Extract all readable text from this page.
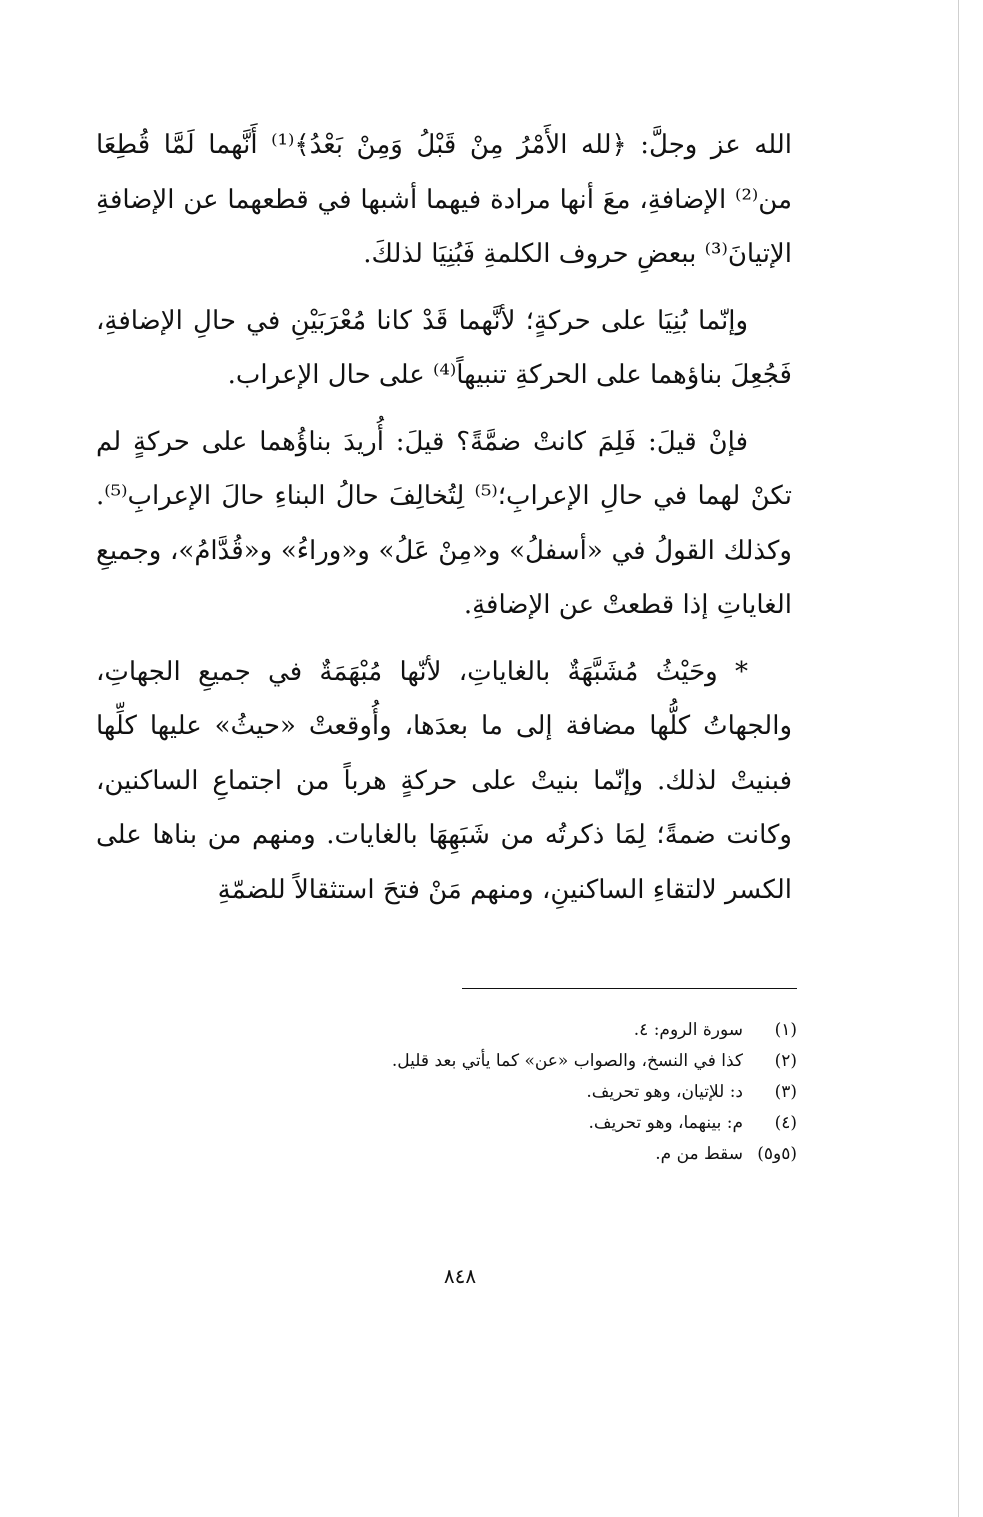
الله عز وجلَّ: ﴿لله الأَمْرُ مِنْ قَبْلُ وَمِنْ بَعْدُ﴾⁽¹⁾ أَنَّهما لَمَّا قُطِعَا من⁽²⁾ الإضافةِ، معَ أنها مرادة فيهما أشبها في قطعهما عن الإضافةِ الإتيانَ⁽³⁾ ببعضِ حروف الكلمةِ فَبُنِيَا لذلكَ.

وإنّما بُنِيَا على حركةٍ؛ لأنَّهما قَدْ كانا مُعْرَبَيْنِ في حالِ الإضافةِ، فَجُعِلَ بناؤهما على الحركةِ تنبيهاً⁽⁴⁾ على حال الإعراب.

فإنْ قيلَ: فَلِمَ كانتْ ضمَّةً؟ قيلَ: أُريدَ بناؤُهما على حركةٍ لم تكنْ لهما في حالِ الإعرابِ؛⁽⁵⁾ لِتُخالِفَ حالُ البناءِ حالَ الإعرابِ⁽⁵⁾. وكذلك القولُ في «أسفلُ» و«مِنْ عَلُ» و«وراءُ» و«قُدَّامُ»، وجميعِ الغاياتِ إذا قطعتْ عن الإضافةِ.

* وحَيْثُ مُشَبَّهَةٌ بالغاياتِ، لأنّها مُبْهَمَةٌ في جميعِ الجهاتِ، والجهاتُ كلُّها مضافة إلى ما بعدَها، وأُوقعتْ «حيثُ» عليها كلِّها فبنيتْ لذلك. وإنّما بنيتْ على حركةٍ هرباً من اجتماعِ الساكنين، وكانت ضمةً؛ لِمَا ذكرتُه من شَبَهِهَا بالغايات. ومنهم من بناها على الكسر لالتقاءِ الساكنينِ، ومنهم مَنْ فتحَ استثقالاً للضمّةِ

(١)سورة الروم: ٤.
(٢)كذا في النسخ، والصواب «عن» كما يأتي بعد قليل.
(٣)د: للإتيان، وهو تحريف.
(٤)م: بينهما، وهو تحريف.
(٥و٥)سقط من م.
٨٤٨
